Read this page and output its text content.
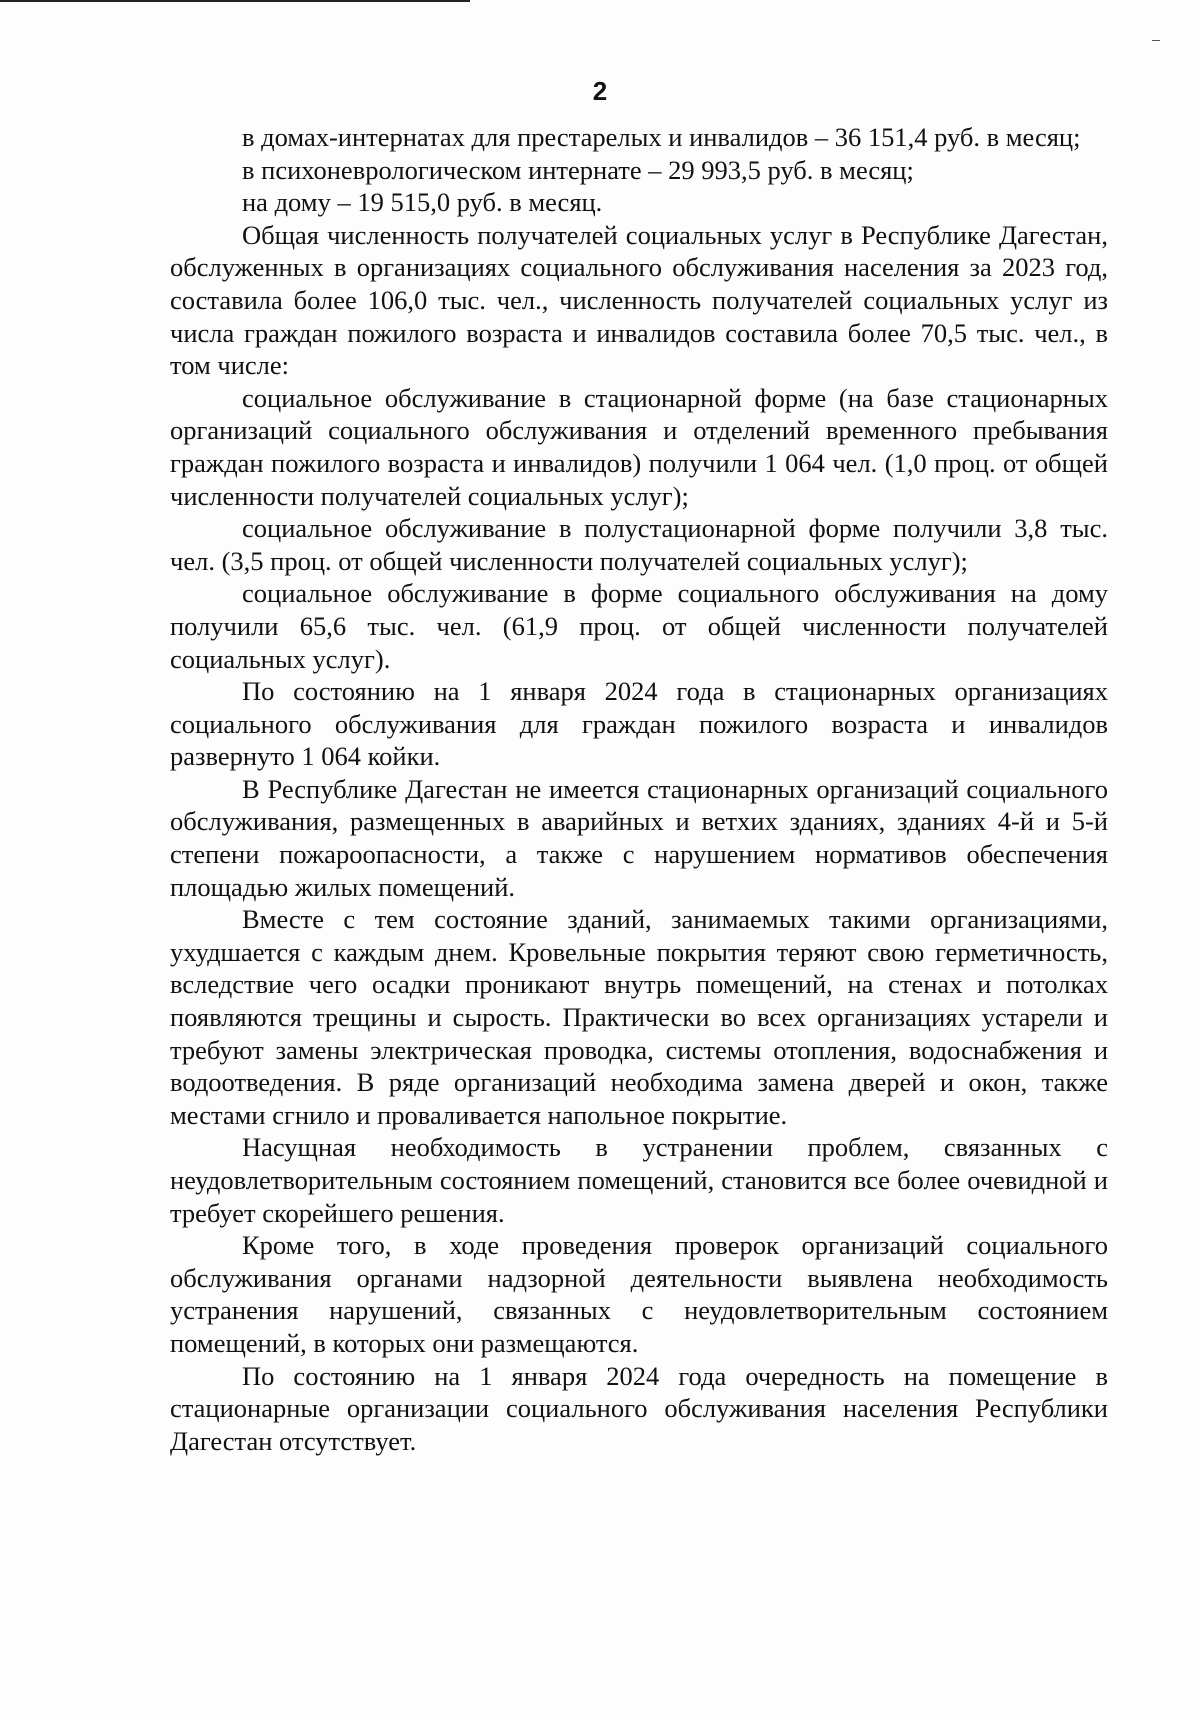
2

в домах-интернатах для престарелых и инвалидов – 36 151,4 руб. в месяц;

в психоневрологическом интернате – 29 993,5 руб. в месяц;

на дому – 19 515,0 руб. в месяц.

Общая численность получателей социальных услуг в Республике Дагестан, обслуженных в организациях социального обслуживания населения за 2023 год, составила более 106,0 тыс. чел., численность получателей социальных услуг из числа граждан пожилого возраста и инвалидов составила более 70,5 тыс. чел., в том числе:

социальное обслуживание в стационарной форме (на базе стационарных организаций социального обслуживания и отделений временного пребывания граждан пожилого возраста и инвалидов) получили 1 064 чел. (1,0 проц. от общей численности получателей социальных услуг);

социальное обслуживание в полустационарной форме получили 3,8 тыс. чел. (3,5 проц. от общей численности получателей социальных услуг);

социальное обслуживание в форме социального обслуживания на дому получили 65,6 тыс. чел. (61,9 проц. от общей численности получателей социальных услуг).

По состоянию на 1 января 2024 года в стационарных организациях социального обслуживания для граждан пожилого возраста и инвалидов развернуто 1 064 койки.

В Республике Дагестан не имеется стационарных организаций социального обслуживания, размещенных в аварийных и ветхих зданиях, зданиях 4-й и 5-й степени пожароопасности, а также с нарушением нормативов обеспечения площадью жилых помещений.

Вместе с тем состояние зданий, занимаемых такими организациями, ухудшается с каждым днем. Кровельные покрытия теряют свою герметичность, вследствие чего осадки проникают внутрь помещений, на стенах и потолках появляются трещины и сырость. Практически во всех организациях устарели и требуют замены электрическая проводка, системы отопления, водоснабжения и водоотведения. В ряде организаций необходима замена дверей и окон, также местами сгнило и проваливается напольное покрытие.

Насущная необходимость в устранении проблем, связанных с неудовлетворительным состоянием помещений, становится все более очевидной и требует скорейшего решения.

Кроме того, в ходе проведения проверок организаций социального обслуживания органами надзорной деятельности выявлена необходимость устранения нарушений, связанных с неудовлетворительным состоянием помещений, в которых они размещаются.

По состоянию на 1 января 2024 года очередность на помещение в стационарные организации социального обслуживания населения Республики Дагестан отсутствует.
